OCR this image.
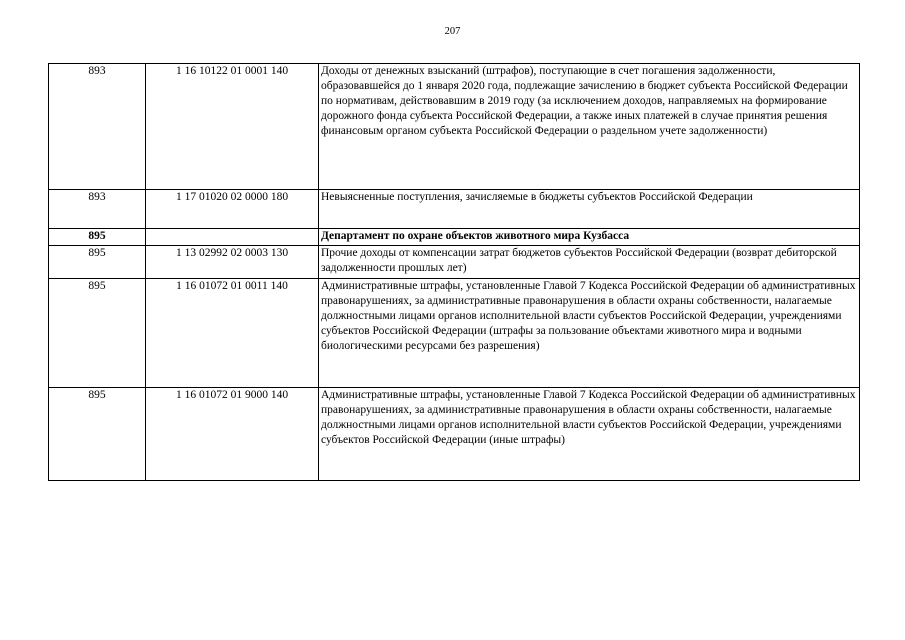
207
893	1 16 10122 01 0001 140	Доходы от денежных взысканий (штрафов), поступающие в счет погашения задолженности, образовавшейся до 1 января 2020 года, подлежащие зачислению в бюджет субъекта Российской Федерации по нормативам, действовавшим в 2019 году (за исключением доходов, направляемых на формирование дорожного фонда субъекта Российской Федерации, а также иных платежей в случае принятия решения финансовым органом субъекта Российской Федерации о раздельном учете задолженности)
893	1 17 01020 02 0000 180	Невыясненные поступления, зачисляемые в бюджеты субъектов Российской Федерации
895		Департамент по охране объектов животного мира Кузбасса
895	1 13 02992 02 0003 130	Прочие доходы от компенсации затрат бюджетов субъектов Российской Федерации (возврат дебиторской задолженности прошлых лет)
895	1 16 01072 01 0011 140	Административные штрафы, установленные Главой 7 Кодекса Российской Федерации об административных правонарушениях, за административные правонарушения в области охраны собственности, налагаемые должностными лицами органов исполнительной власти субъектов Российской Федерации, учреждениями субъектов Российской Федерации (штрафы за пользование объектами животного мира и водными биологическими ресурсами без разрешения)
895	1 16 01072 01 9000 140	Административные штрафы, установленные Главой 7 Кодекса Российской Федерации об административных правонарушениях, за административные правонарушения в области охраны собственности, налагаемые должностными лицами органов исполнительной власти субъектов Российской Федерации, учреждениями субъектов Российской Федерации (иные штрафы)
